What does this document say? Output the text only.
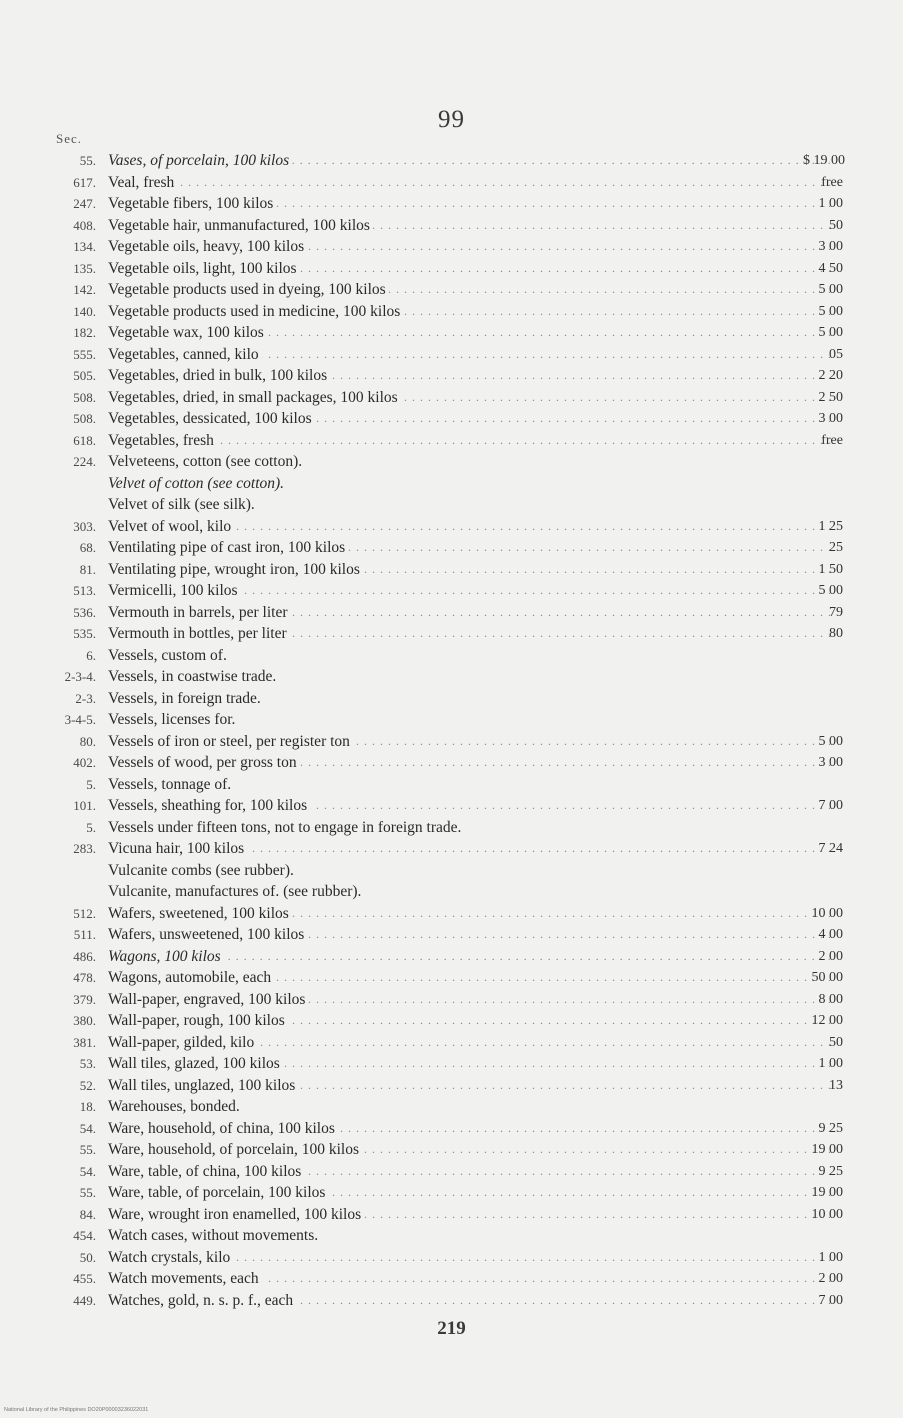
99
Sec.
55. Vases, of porcelain, 100 kilos . . .	$ 19 00
617. Veal, fresh . . .	free
247. Vegetable fibers, 100 kilos . . .	1 00
408. Vegetable hair, unmanufactured, 100 kilos . . .	50
134. Vegetable oils, heavy, 100 kilos . . .	3 00
135. Vegetable oils, light, 100 kilos . . .	4 50
142. Vegetable products used in dyeing, 100 kilos . . .	5 00
140. Vegetable products used in medicine, 100 kilos . . .	5 00
182. Vegetable wax, 100 kilos . . .	5 00
555. Vegetables, canned, kilo . . .	05
505. Vegetables, dried in bulk, 100 kilos . . .	2 20
508. Vegetables, dried, in small packages, 100 kilos . . .	2 50
508. Vegetables, dessicated, 100 kilos . . .	3 00
618. Vegetables, fresh . . .	free
224. Velveteens, cotton (see cotton).
Velvet of cotton (see cotton).
Velvet of silk (see silk).
303. Velvet of wool, kilo . . .	1 25
68. Ventilating pipe of cast iron, 100 kilos . . .	25
81. Ventilating pipe, wrought iron, 100 kilos . . .	1 50
513. Vermicelli, 100 kilos . . .	5 00
536. Vermouth in barrels, per liter . . .	79
535. Vermouth in bottles, per liter . . .	80
6. Vessels, custom of.
2-3-4. Vessels, in coastwise trade.
2-3. Vessels, in foreign trade.
3-4-5. Vessels, licenses for.
80. Vessels of iron or steel, per register ton . . .	5 00
402. Vessels of wood, per gross ton . . .	3 00
5. Vessels, tonnage of.
101. Vessels, sheathing for, 100 kilos . . .	7 00
5. Vessels under fifteen tons, not to engage in foreign trade.
283. Vicuna hair, 100 kilos . . .	7 24
Vulcanite combs (see rubber).
Vulcanite, manufactures of. (see rubber).
512. Wafers, sweetened, 100 kilos . . .	10 00
511. Wafers, unsweetened, 100 kilos . . .	4 00
486. Wagons, 100 kilos . . .	2 00
478. Wagons, automobile, each . . .	50 00
379. Wall-paper, engraved, 100 kilos . . .	8 00
380. Wall-paper, rough, 100 kilos . . .	12 00
381. Wall-paper, gilded, kilo . . .	50
53. Wall tiles, glazed, 100 kilos . . .	1 00
52. Wall tiles, unglazed, 100 kilos . . .	13
18. Warehouses, bonded.
54. Ware, household, of china, 100 kilos . . .	9 25
55. Ware, household, of porcelain, 100 kilos . . .	19 00
54. Ware, table, of china, 100 kilos . . .	9 25
55. Ware, table, of porcelain, 100 kilos . . .	19 00
84. Ware, wrought iron enamelled, 100 kilos . . .	10 00
454. Watch cases, without movements.
50. Watch crystals, kilo . . .	1 00
455. Watch movements, each . . .	2 00
449. Watches, gold, n. s. p. f., each . . .	7 00
219
National Library of the Philippines DO20P00003236022031
